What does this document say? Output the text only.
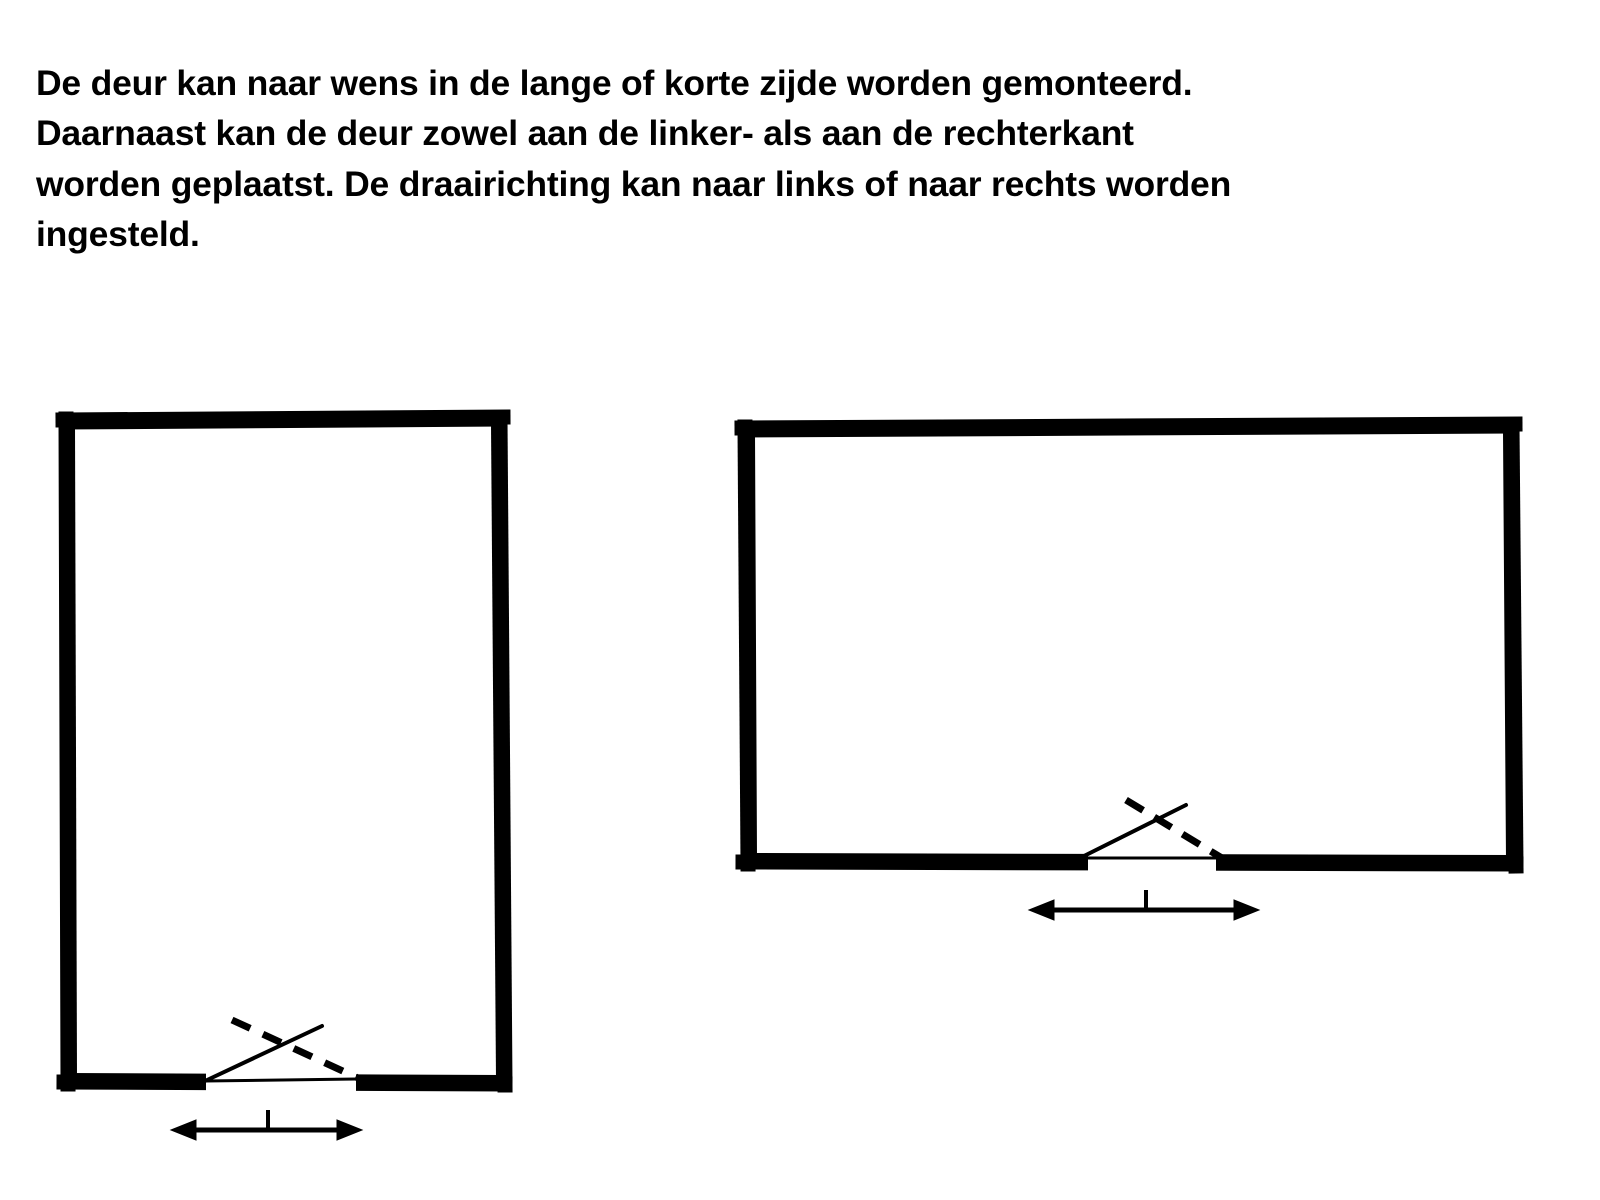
De deur kan naar wens in de lange of korte zijde worden gemonteerd.

Daarnaast kan de deur zowel aan de linker- als aan de rechterkant

worden geplaatst. De draairichting kan naar links of naar rechts worden

ingesteld.
